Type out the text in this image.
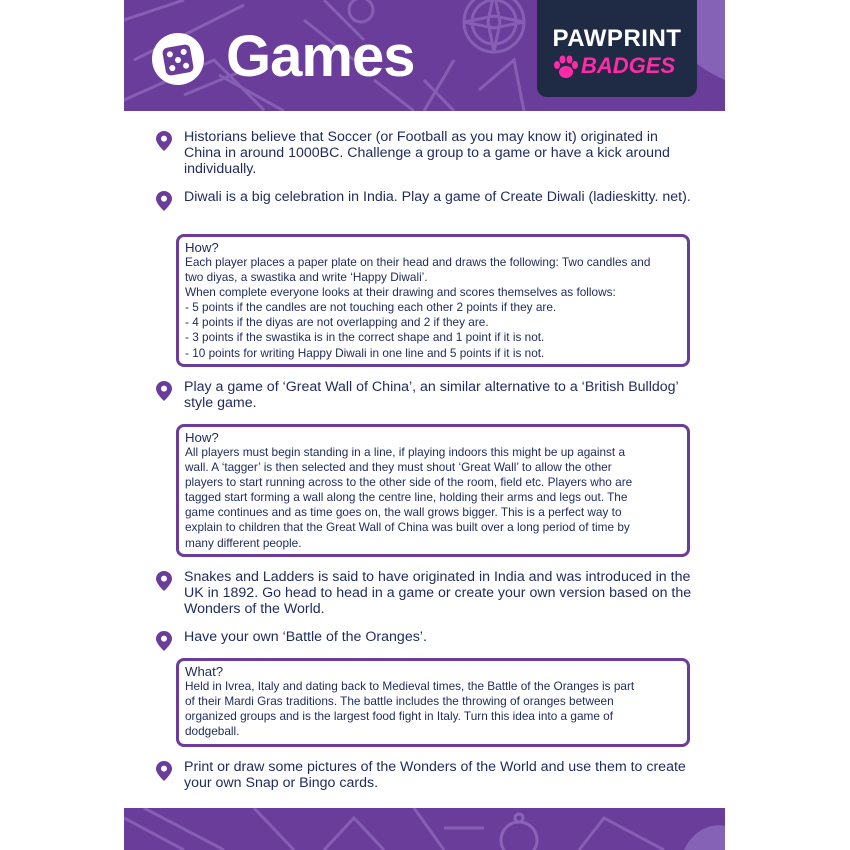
Games	PAWPRINT
BADGES
Historians believe that Soccer (or Football as you may know it) originated in China in around 1000BC. Challenge a group to a game or have a kick around individually.
Diwali is a big celebration in India. Play a game of Create Diwali (ladieskitty. net).
How?
Each player places a paper plate on their head and draws the following: Two candles and
two diyas, a swastika and write ‘Happy Diwali’.
When complete everyone looks at their drawing and scores themselves as follows:
- 5 points if the candles are not touching each other 2 points if they are.
- 4 points if the diyas are not overlapping and 2 if they are.
- 3 points if the swastika is in the correct shape and 1 point if it is not.
- 10 points for writing Happy Diwali in one line and 5 points if it is not.
Play a game of ‘Great Wall of China’, an similar alternative to a ‘British Bulldog’ style game.
How?
All players must begin standing in a line, if playing indoors this might be up against a
wall. A ‘tagger’ is then selected and they must shout ‘Great Wall’ to allow the other
players to start running across to the other side of the room, field etc. Players who are
tagged start forming a wall along the centre line, holding their arms and legs out. The
game continues and as time goes on, the wall grows bigger. This is a perfect way to
explain to children that the Great Wall of China was built over a long period of time by
many different people.
Snakes and Ladders is said to have originated in India and was introduced in the UK in 1892. Go head to head in a game or create your own version based on the Wonders of the World.
Have your own ‘Battle of the Oranges’.
What?
Held in Ivrea, Italy and dating back to Medieval times, the Battle of the Oranges is part
of their Mardi Gras traditions. The battle includes the throwing of oranges between
organized groups and is the largest food fight in Italy. Turn this idea into a game of
dodgeball.
Print or draw some pictures of the Wonders of the World and use them to create your own Snap or Bingo cards.
